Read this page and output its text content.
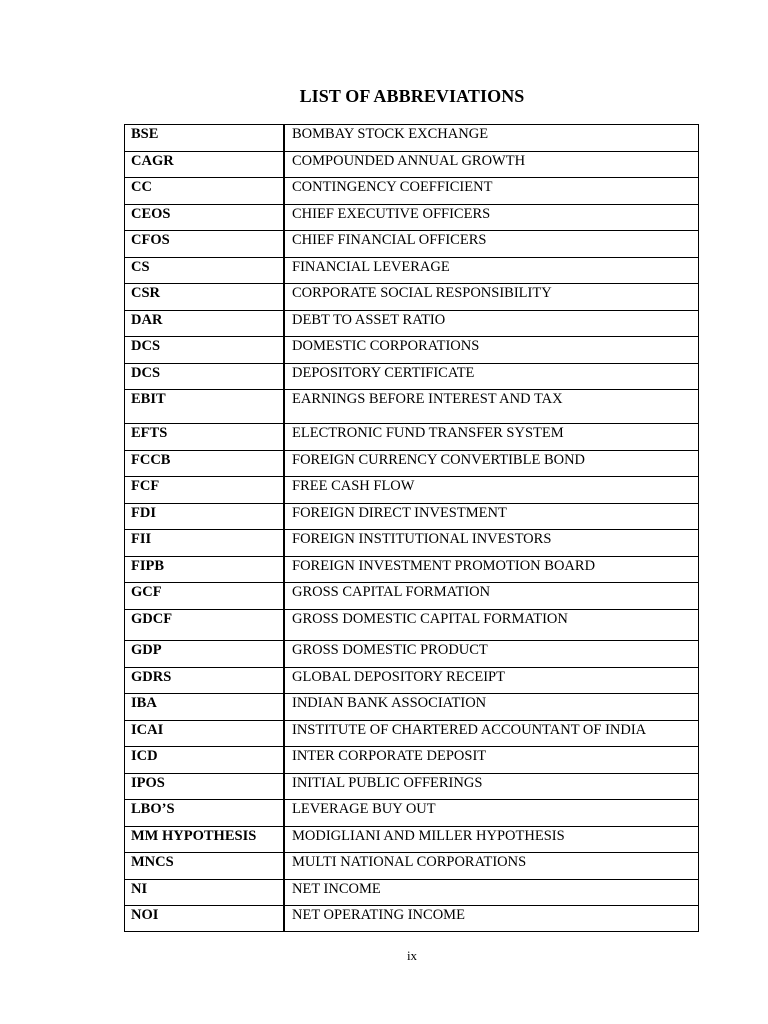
LIST OF ABBREVIATIONS
BSE	BOMBAY STOCK EXCHANGE
CAGR	COMPOUNDED ANNUAL GROWTH
CC	CONTINGENCY COEFFICIENT
CEOS	CHIEF EXECUTIVE OFFICERS
CFOS	CHIEF FINANCIAL OFFICERS
CS	FINANCIAL LEVERAGE
CSR	CORPORATE SOCIAL RESPONSIBILITY
DAR	DEBT TO ASSET RATIO
DCS	DOMESTIC CORPORATIONS
DCS	DEPOSITORY CERTIFICATE
EBIT	EARNINGS BEFORE INTEREST AND TAX
EFTS	ELECTRONIC FUND TRANSFER SYSTEM
FCCB	FOREIGN CURRENCY CONVERTIBLE BOND
FCF	FREE CASH FLOW
FDI	FOREIGN DIRECT INVESTMENT
FII	FOREIGN INSTITUTIONAL INVESTORS
FIPB	FOREIGN INVESTMENT PROMOTION BOARD
GCF	GROSS CAPITAL FORMATION
GDCF	GROSS DOMESTIC CAPITAL FORMATION
GDP	GROSS DOMESTIC PRODUCT
GDRS	GLOBAL DEPOSITORY RECEIPT
IBA	INDIAN BANK ASSOCIATION
ICAI	INSTITUTE OF CHARTERED ACCOUNTANT OF INDIA
ICD	INTER CORPORATE DEPOSIT
IPOS	INITIAL PUBLIC OFFERINGS
LBO’S	LEVERAGE BUY OUT
MM HYPOTHESIS	MODIGLIANI AND MILLER HYPOTHESIS
MNCS	MULTI NATIONAL CORPORATIONS
NI	NET INCOME
NOI	NET OPERATING INCOME
ix
